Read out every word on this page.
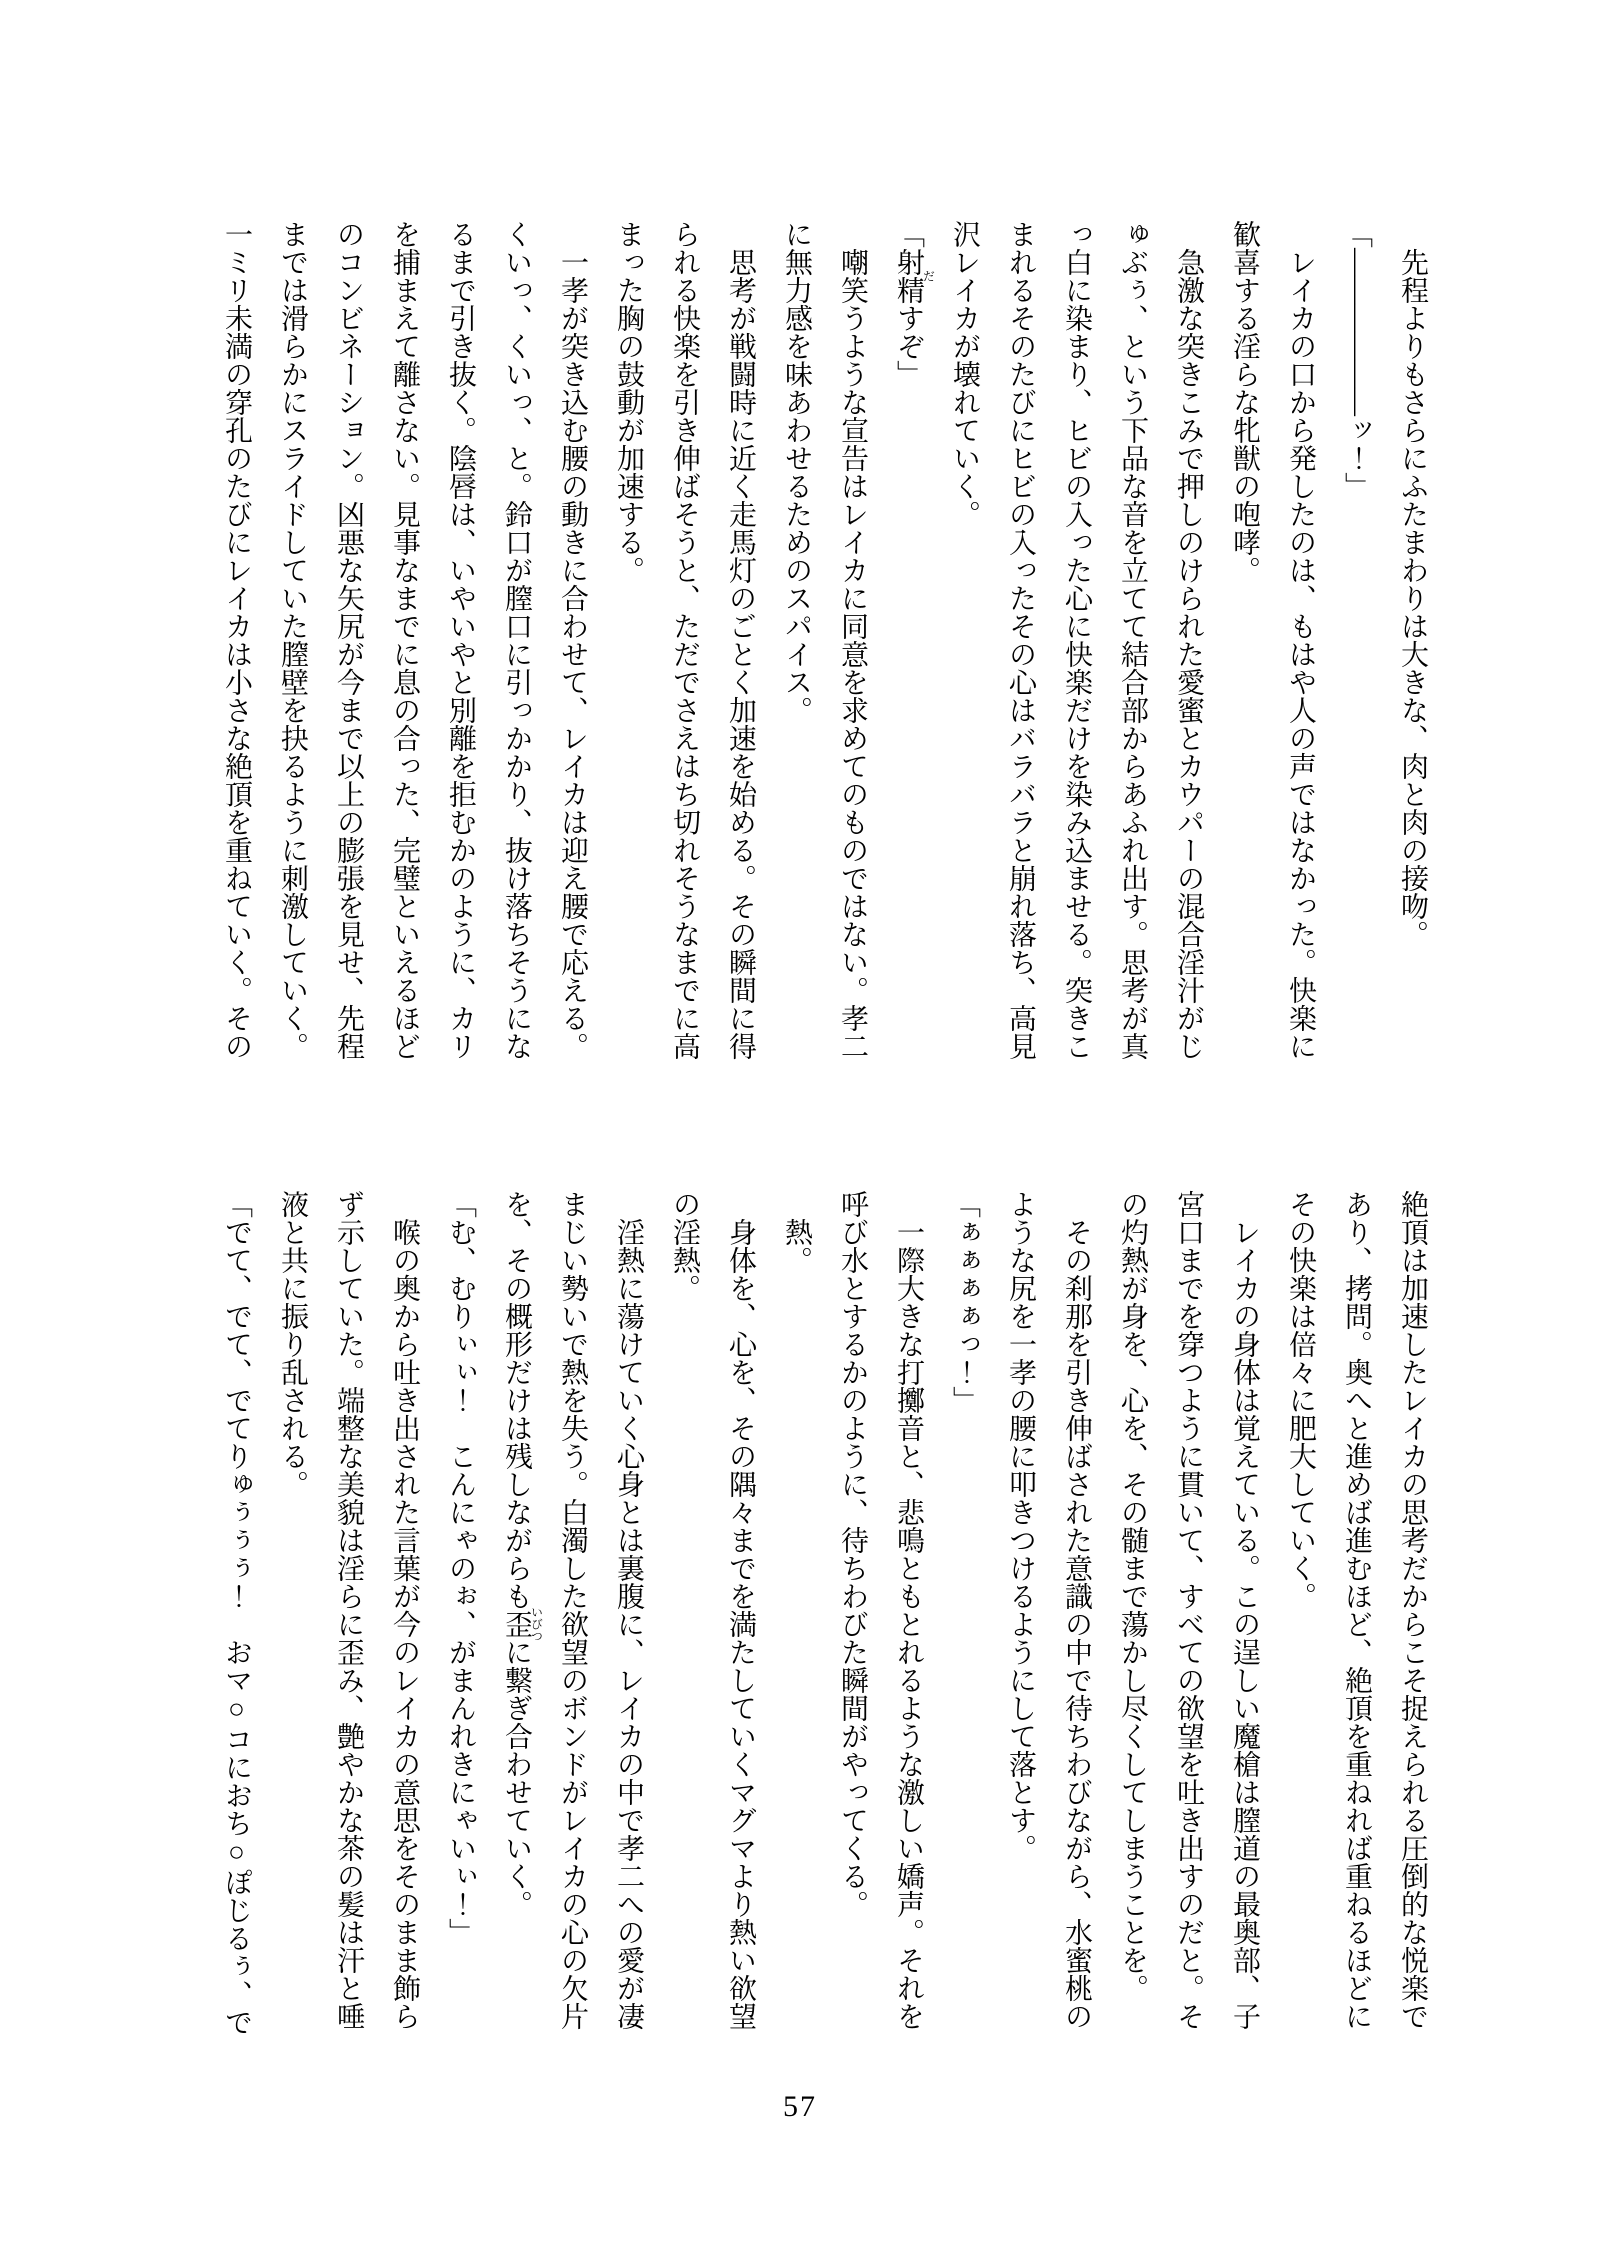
先程よりもさらにふたまわりは大きな、肉と肉の接吻。
「――――――ッ！」
レイカの口から発したのは、もはや人の声ではなかった。快楽に
歓喜する淫らな牝獣の咆哮。
急激な突きこみで押しのけられた愛蜜とカウパーの混合淫汁がじ
ゅぶぅ、という下品な音を立てて結合部からあふれ出す。思考が真
っ白に染まり、ヒビの入った心に快楽だけを染み込ませる。突きこ
まれるそのたびにヒビの入ったその心はバラバラと崩れ落ち、高見
沢レイカが壊れていく。
「射精だすぞ」
嘲笑うような宣告はレイカに同意を求めてのものではない。孝二
に無力感を味あわせるためのスパイス。
思考が戦闘時に近く走馬灯のごとく加速を始める。その瞬間に得
られる快楽を引き伸ばそうと、ただでさえはち切れそうなまでに高
まった胸の鼓動が加速する。
一孝が突き込む腰の動きに合わせて、レイカは迎え腰で応える。
くいっ、くいっ、と。鈴口が膣口に引っかかり、抜け落ちそうにな
るまで引き抜く。陰唇は、いやいやと別離を拒むかのように、カリ
を捕まえて離さない。見事なまでに息の合った、完璧といえるほど
のコンビネーション。凶悪な矢尻が今まで以上の膨張を見せ、先程
までは滑らかにスライドしていた膣壁を抉るように刺激していく。
一ミリ未満の穿孔のたびにレイカは小さな絶頂を重ねていく。その
絶頂は加速したレイカの思考だからこそ捉えられる圧倒的な悦楽で
あり、拷問。奥へと進めば進むほど、絶頂を重ねれば重ねるほどに
その快楽は倍々に肥大していく。
レイカの身体は覚えている。この逞しい魔槍は膣道の最奥部、子
宮口までを穿つように貫いて、すべての欲望を吐き出すのだと。そ
の灼熱が身を、心を、その髄まで蕩かし尽くしてしまうことを。
その刹那を引き伸ばされた意識の中で待ちわびながら、水蜜桃の
ような尻を一孝の腰に叩きつけるようにして落とす。
「ぁぁぁぁっ！」
一際大きな打擲音と、悲鳴ともとれるような激しい嬌声。それを
呼び水とするかのように、待ちわびた瞬間がやってくる。
熱。
身体を、心を、その隅々までを満たしていくマグマより熱い欲望
の淫熱。
淫熱に蕩けていく心身とは裏腹に、レイカの中で孝二への愛が凄
まじい勢いで熱を失う。白濁した欲望のボンドがレイカの心の欠片
を、その概形だけは残しながらも歪いびつに繋ぎ合わせていく。
「む、むりぃぃ！　こんにゃのぉ、がまんれきにゃいぃ！」
喉の奥から吐き出された言葉が今のレイカの意思をそのまま飾ら
ず示していた。端整な美貌は淫らに歪み、艶やかな茶の髪は汗と唾
液と共に振り乱される。
「でて、でて、でてりゅぅぅぅ！　おマ○コにおち○ぽじるぅ、で
57
